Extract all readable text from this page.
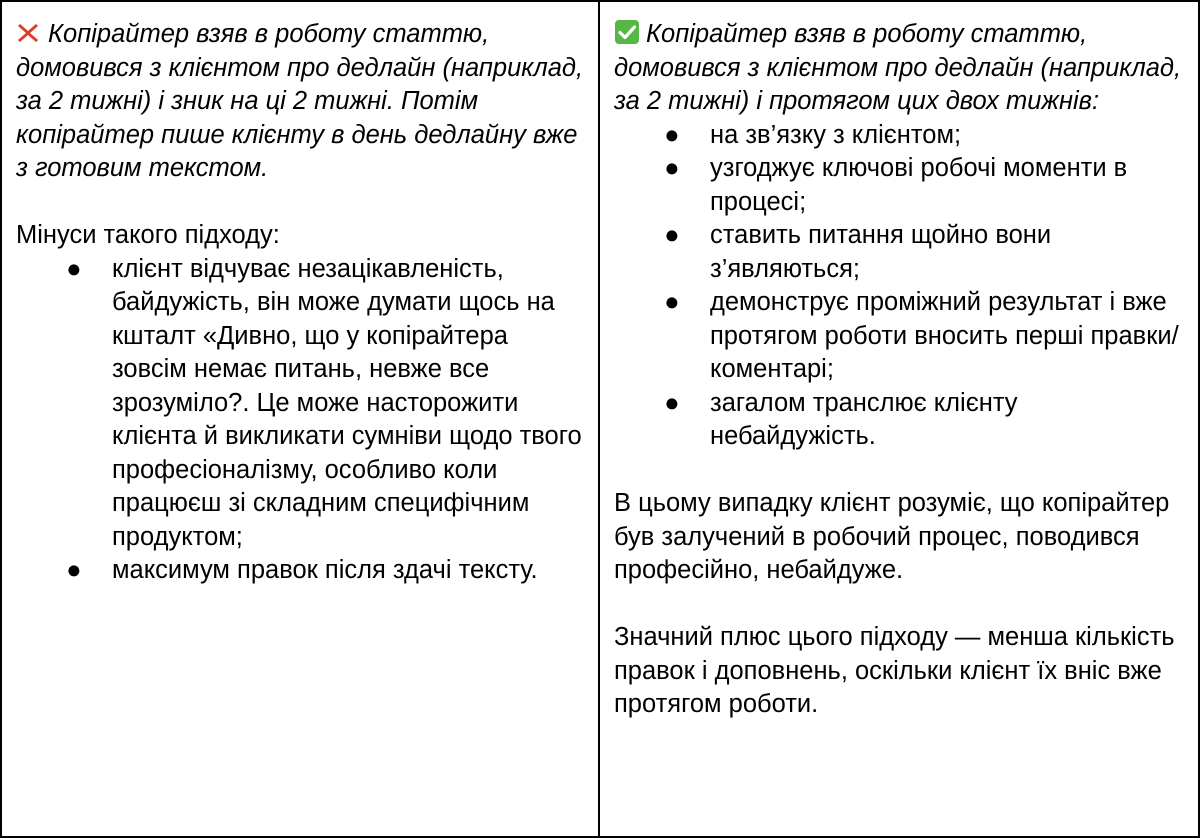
Копірайтер взяв в роботу статтю, домовився з клієнтом про дедлайн (наприклад, за 2 тижні) і зник на ці 2 тижні. Потім копірайтер пише клієнту в день дедлайну вже з готовим текстом.

Мінуси такого підходу:

● клієнт відчуває незацікавленість, байдужість, він може думати щось на кшталт «Дивно, що у копірайтера зовсім немає питань, невже все зрозуміло?. Це може насторожити клієнта й викликати сумніви щодо твого професіоналізму, особливо коли працюєш зі складним специфічним продуктом;
● максимум правок після здачі тексту.

Копірайтер взяв в роботу статтю, домовився з клієнтом про дедлайн (наприклад, за 2 тижні) і протягом цих двох тижнів:

● на зв’язку з клієнтом;
● узгоджує ключові робочі моменти в процесі;
● ставить питання щойно вони з’являються;
● демонструє проміжний результат і вже протягом роботи вносить перші правки/коментарі;
● загалом транслює клієнту небайдужість.

В цьому випадку клієнт розуміє, що копірайтер був залучений в робочий процес, поводився професійно, небайдуже.

Значний плюс цього підходу — менша кількість правок і доповнень, оскільки клієнт їх вніс вже протягом роботи.
